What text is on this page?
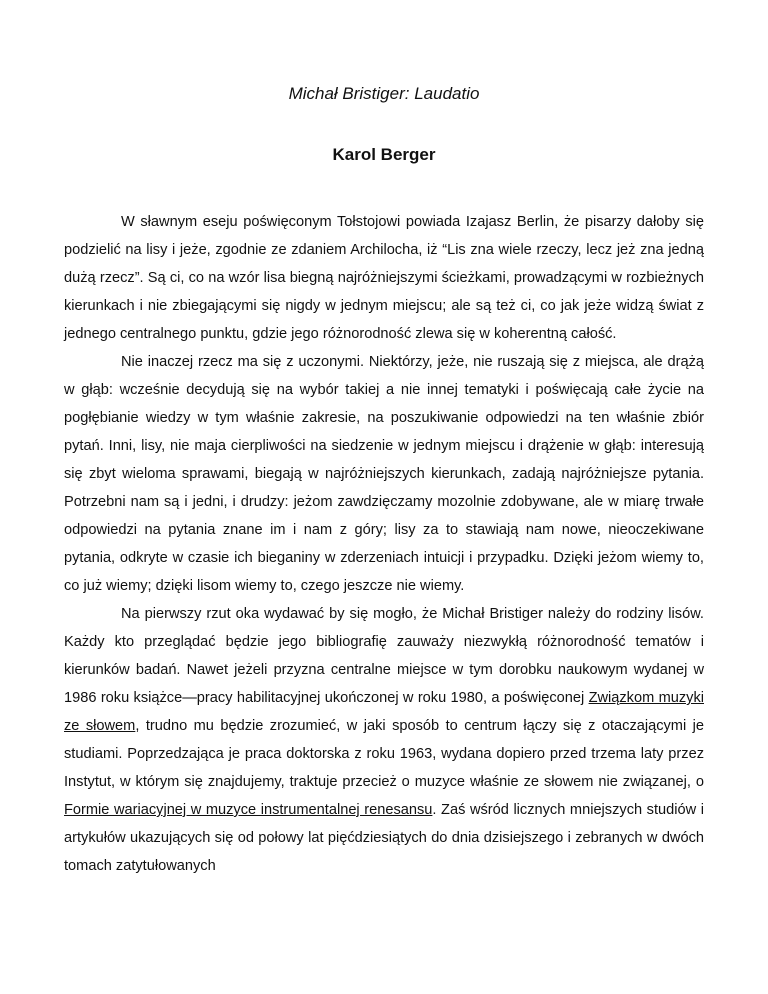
Michał Bristiger: Laudatio
Karol Berger

W sławnym eseju poświęconym Tołstojowi powiada Izajasz Berlin, że pisarzy dałoby się podzielić na lisy i jeże, zgodnie ze zdaniem Archilocha, iż “Lis zna wiele rzeczy, lecz jeż zna jedną dużą rzecz”. Są ci, co na wzór lisa biegną najróżniejszymi ścieżkami, prowadzącymi w rozbieżnych kierunkach i nie zbiegającymi się nigdy w jednym miejscu; ale są też ci, co jak jeże widzą świat z jednego centralnego punktu, gdzie jego różnorodność zlewa się w koherentną całość.

Nie inaczej rzecz ma się z uczonymi. Niektórzy, jeże, nie ruszają się z miejsca, ale drążą w głąb: wcześnie decydują się na wybór takiej a nie innej tematyki i poświęcają całe życie na pogłębianie wiedzy w tym właśnie zakresie, na poszukiwanie odpowiedzi na ten właśnie zbiór pytań. Inni, lisy, nie maja cierpliwości na siedzenie w jednym miejscu i drążenie w głąb: interesują się zbyt wieloma sprawami, biegają w najróżniejszych kierunkach, zadają najróżniejsze pytania. Potrzebni nam są i jedni, i drudzy: jeżom zawdzięczamy mozolnie zdobywane, ale w miarę trwałe odpowiedzi na pytania znane im i nam z góry; lisy za to stawiają nam nowe, nieoczekiwane pytania, odkryte w czasie ich bieganiny w zderzeniach intuicji i przypadku. Dzięki jeżom wiemy to, co już wiemy; dzięki lisom wiemy to, czego jeszcze nie wiemy.

Na pierwszy rzut oka wydawać by się mogło, że Michał Bristiger należy do rodziny lisów. Każdy kto przeglądać będzie jego bibliografię zauważy niezwykłą różnorodność tematów i kierunków badań. Nawet jeżeli przyzna centralne miejsce w tym dorobku naukowym wydanej w 1986 roku książce—pracy habilitacyjnej ukończonej w roku 1980, a poświęconej Związkom muzyki ze słowem, trudno mu będzie zrozumieć, w jaki sposób to centrum łączy się z otaczającymi je studiami. Poprzedzająca je praca doktorska z roku 1963, wydana dopiero przed trzema laty przez Instytut, w którym się znajdujemy, traktuje przecież o muzyce właśnie ze słowem nie związanej, o Formie wariacyjnej w muzyce instrumentalnej renesansu. Zaś wśród licznych mniejszych studiów i artykułów ukazujących się od połowy lat pięćdziesiątych do dnia dzisiejszego i zebranych w dwóch tomach zatytułowanych
